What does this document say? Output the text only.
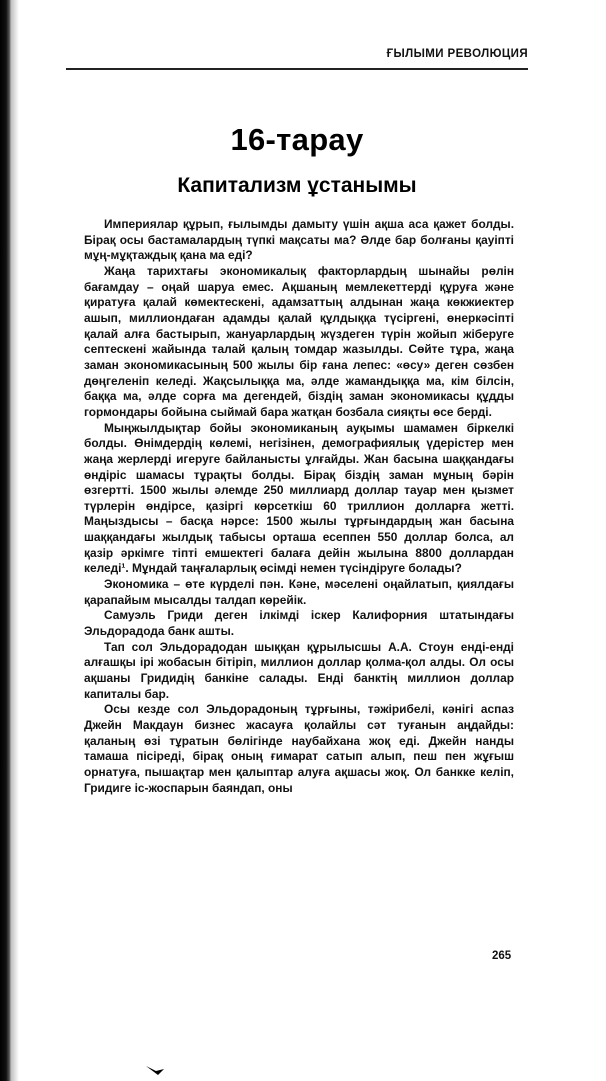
ҒЫЛЫМИ РЕВОЛЮЦИЯ
16-тарау
Капитализм ұстанымы

Империялар құрып, ғылымды дамыту үшін ақша аса қажет болды. Бірақ осы бастамалардың түпкі мақсаты ма? Әлде бар болғаны қауіпті мұң-мұқтаждық қана ма еді?

Жаңа тарихтағы экономикалық факторлардың шынайы рөлін бағамдау – оңай шаруа емес. Ақшаның мемлекеттерді құруға және қиратуға қалай көмектескені, адамзаттың алдынан жаңа көкжиектер ашып, миллиондаған адамды қалай құлдыққа түсіргені, өнеркәсіпті қалай алға бастырып, жануарлардың жүздеген түрін жойып жіберуге септескені жайында талай қалың томдар жазылды. Сөйте тұра, жаңа заман экономикасының 500 жылы бір ғана лепес: «өсу» деген сөзбен дөңгеленіп келеді. Жақсылыққа ма, әлде жамандыққа ма, кім білсін, баққа ма, әлде сорға ма дегендей, біздің заман экономикасы құдды гормондары бойына сыймай бара жатқан бозбала сияқты өсе берді.

Мыңжылдықтар бойы экономиканың ауқымы шамамен біркелкі болды. Өнімдердің көлемі, негізінен, демографиялық үдерістер мен жаңа жерлерді игеруге байланысты ұлғайды. Жан басына шаққандағы өндіріс шамасы тұрақты болды. Бірақ біздің заман мұның бәрін өзгертті. 1500 жылы әлемде 250 миллиард доллар тауар мен қызмет түрлерін өндірсе, қазіргі көрсеткіш 60 триллион долларға жетті. Маңыздысы – басқа нәрсе: 1500 жылы тұрғындардың жан басына шаққандағы жылдық табысы орташа есеппен 550 доллар болса, ал қазір әркімге тіпті емшектегі балаға дейін жылына 8800 доллардан келеді¹. Мұндай таңғаларлық өсімді немен түсіндіруге болады?

Экономика – өте күрделі пән. Кәне, мәселені оңайлатып, қиялдағы қарапайым мысалды талдап көрейік.

Самуэль Гриди деген ілкімді іскер Калифорния штатындағы Эльдорадода банк ашты.

Тап сол Эльдорадодан шыққан құрылысшы А.А. Стоун енді-енді алғашқы ірі жобасын бітіріп, миллион доллар қолма-қол алды. Ол осы ақшаны Гридидің банкіне салады. Енді банктің миллион доллар капиталы бар.

Осы кезде сол Эльдорадоның тұрғыны, тәжірибелі, кәнігі аспаз Джейн Макдаун бизнес жасауға қолайлы сәт туғанын аңдайды: қаланың өзі тұратын бөлігінде наубайхана жоқ еді. Джейн нанды тамаша пісіреді, бірақ оның ғимарат сатып алып, пеш пен жұғыш орнатуға, пышақтар мен қалыптар алуға ақшасы жоқ. Ол банкке келіп, Гридиге іс-жоспарын баяндап, оны

265
